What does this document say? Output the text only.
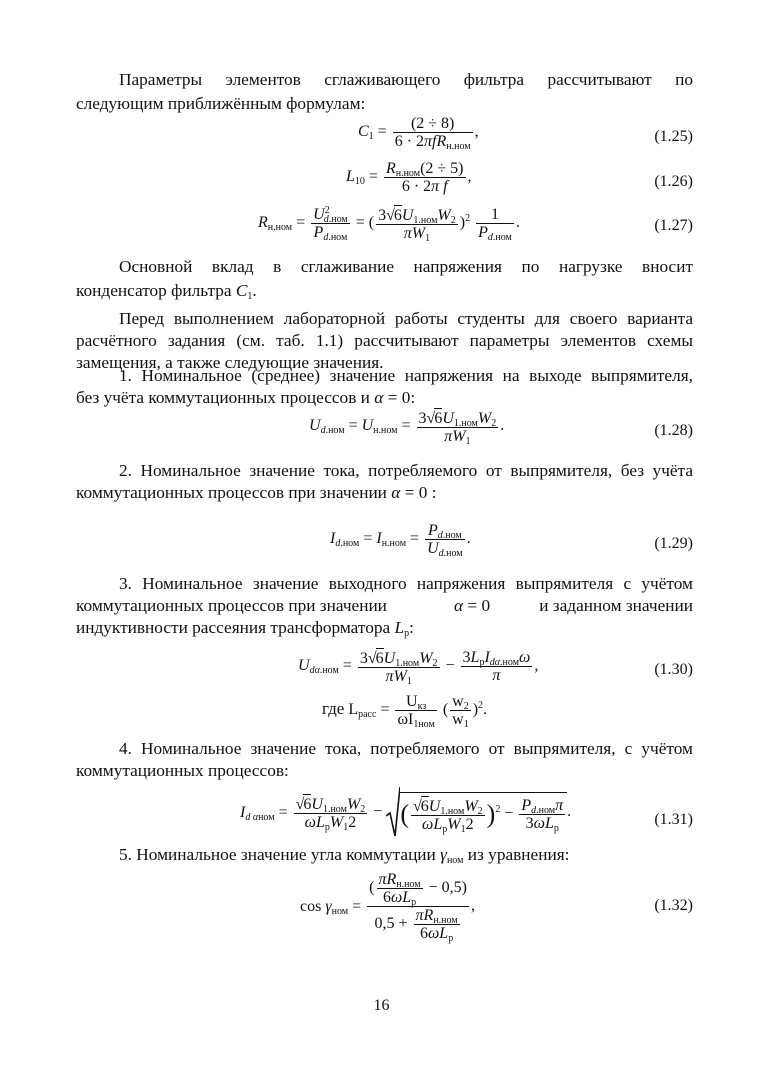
Параметры элементов сглаживающего фильтра рассчитывают по
следующим приближённым формулам:
$C_1 = \frac{(2 \div 8)}{6 \cdot 2\pi fR_{н.ном}}$ ,	(1.25)
$L_{10} = \frac{R_{н.ном}(2 \div 5)}{\text{6 · 2π f}}$ ,	(1.26)
$R_{н.ном} = \frac{U^2_{d.ном}}{P_{d.ном}}$ = ( $\frac{3√6U_{1.ном}W_2}{\pi W_1} )^2 \frac{1}{P_{d.ном}}$ .	(1.27)
Основной вклад в сглаживание напряжения по нагрузке вносит
конденсатор фильтра $C_1$.
Перед выполнением лабораторной работы студенты для своего варианта
расчётного задания (см. таб. 1.1) рассчитывают параметры элементов схемы
замещения, а также следующие значения.
1. Номинальное (среднее) значение напряжения на выходе выпрямителя,
без учёта коммутационных процессов и α = 0:
$U_{d.ном} = U_{н.ном} = \frac{3√6U_{1.ном}W_2}{\pi W_1}$ .	(1.28)
2. Номинальное значение тока, потребляемого от выпрямителя, без учёта
коммутационных процессов при значении α = 0 :
$I_{d.ном} = I_{н.ном} = \frac{P_{d.ном}}{U_{d.ном}}$ .	(1.29)
3. Номинальное значение выходного напряжения выпрямителя с учётом
коммутационных процессов при значении	α = 0	и заданном значении
индуктивности рассеяния трансформатора $L_p$:
$U_{d\alpha.ном} = \frac{3√6U_{1.ном}W_2}{\pi W_1} - \frac{3L_pI_{d\alpha.ном}\omega}{\pi}$ ,	(1.30)
где $L_{расс} = \frac{U_{кз}}{\omega I_{1ном}}$ ( $\frac{w_2}{w_1} )^2$.
4. Номинальное значение тока, потребляемого от выпрямителя, с учётом
коммутационных процессов:
$I_{d \alpha ном} = \frac{√6U_{1.ном}W_2}{\omega L_pW_12}$ −
( $\frac{√6U_{1.ном}W_2}{\omega L_pW_12} )^2 - \frac{P_{d.ном}\pi}{3\omega L_p}$ .	(1.31)
5. Номинальное значение угла коммутации $\gamma_{ном}$ из уравнения:
$\cos \gamma_{ном} = \frac{( \frac{\pi R_{н.ном}}{6\omega L_p} - 0,5)}{0,5 + \frac{\pi R_{н.ном}}{6\omega L_p}}$ ,	(1.32)
16
